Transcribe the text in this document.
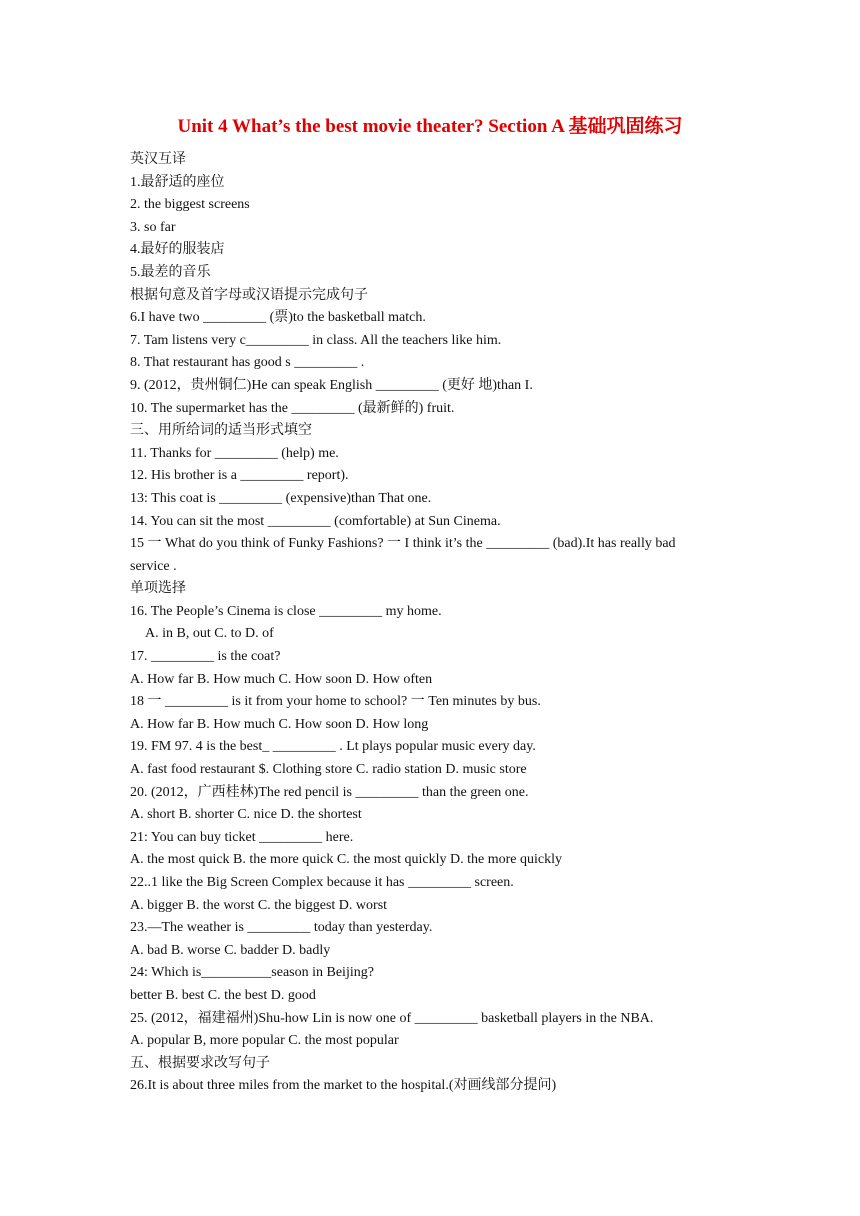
Unit 4 What’s the best movie theater? Section A 基础巩固练习
英汉互译
1.最舒适的座位
2. the biggest screens
3. so far
4.最好的服装店
5.最差的音乐
根据句意及首字母或汉语提示完成句子
6.I have two _________ (票)to the basketball match.
7. Tam listens very c_________ in class. All the teachers like him.
8. That restaurant has good s _________ .
9. (2012，贵州铜仁)He can speak English _________ (更好 地)than I.
10. The supermarket has the _________ (最新鲜的) fruit.
三、用所给词的适当形式填空
11. Thanks for _________ (help) me.
12. His brother is a _________ report).
13: This coat is _________ (expensive)than That one.
14. You can sit the most _________ (comfortable) at Sun Cinema.
15 一 What do you think of Funky Fashions? 一 I think it’s the _________ (bad).It has really bad
service .
单项选择
16. The People’s Cinema is close _________ my home.
A. in B, out C. to D. of
17. _________ is the coat?
A. How far B. How much C. How soon D. How often
18 一 _________ is it from your home to school? 一 Ten minutes by bus.
A. How far B. How much C. How soon D. How long
19. FM 97. 4 is the best_ _________ . Lt plays popular music every day.
A. fast food restaurant $. Clothing store C. radio station D. music store
20. (2012，广西桂林)The red pencil is _________ than the green one.
A. short B. shorter C. nice D. the shortest
21: You can buy ticket _________ here.
A. the most quick B. the more quick C. the most quickly D. the more quickly
22..1 like the Big Screen Complex because it has _________ screen.
A. bigger B. the worst C. the biggest D. worst
23.—The weather is _________ today than yesterday.
A. bad B. worse C. badder D. badly
24: Which is__________season in Beijing?
better B. best C. the best D. good
25. (2012，福建福州)Shu-how Lin is now one of _________ basketball players in the NBA.
A. popular B, more popular C. the most popular
五、根据要求改写句子
26.It is about three miles from the market to the hospital.(对画线部分提问)
